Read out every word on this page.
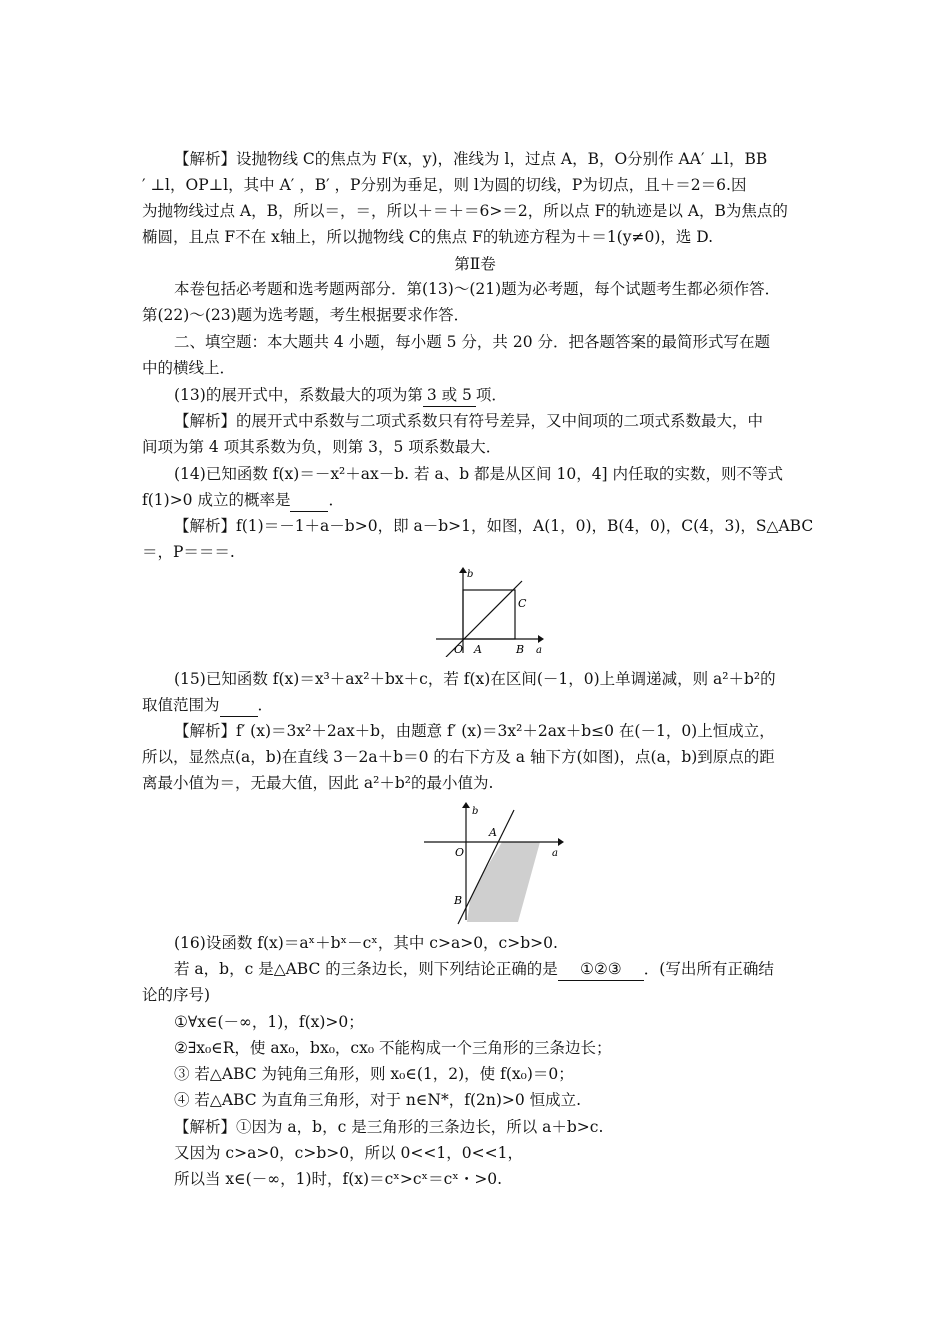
【解析】设抛物线 C的焦点为 F(x，y)，准线为 l，过点 A，B，O分别作 AA′ ⊥l，BB
′ ⊥l，OP⊥l，其中 A′ ，B′ ，P分别为垂足，则 l为圆的切线，P为切点，且＋＝2＝6.因
为抛物线过点 A，B，所以＝，＝，所以＋＝＋＝6>＝2，所以点 F的轨迹是以 A，B为焦点的
椭圆，且点 F不在 x轴上，所以抛物线 C的焦点 F的轨迹方程为＋＝1(y≠0)，选 D.
第Ⅱ卷
本卷包括必考题和选考题两部分．第(13)～(21)题为必考题，每个试题考生都必须作答．
第(22)～(23)题为选考题，考生根据要求作答．
二、填空题：本大题共 4 小题，每小题 5 分，共 20 分．把各题答案的最简形式写在题
中的横线上．
(13)的展开式中，系数最大的项为第 3 或 5 项．
【解析】的展开式中系数与二项式系数只有符号差异，又中间项的二项式系数最大，中
间项为第 4 项其系数为负，则第 3，5 项系数最大．
(14)已知函数 f(x)＝－x²＋ax－b. 若 a、b 都是从区间 10，4] 内任取的实数，则不等式
f(1)>0 成立的概率是 ．
【解析】f(1)＝－1＋a－b>0，即 a－b>1，如图，A(1，0)，B(4，0)，C(4，3)，S△ABC
＝，P＝＝＝.
b
C
O A	B a
(15)已知函数 f(x)＝x³＋ax²＋bx＋c，若 f(x)在区间(－1，0)上单调递减，则 a²＋b²的
取值范围为 ．
【解析】f′ (x)＝3x²＋2ax＋b，由题意 f′ (x)＝3x²＋2ax＋b≤0 在(－1，0)上恒成立，
所以，显然点(a，b)在直线 3－2a＋b＝0 的右下方及 a 轴下方(如图)，点(a，b)到原点的距
离最小值为＝，无最大值，因此 a²＋b²的最小值为.
b
A
O	a
B
(16)设函数 f(x)＝aˣ＋bˣ－cˣ，其中 c>a>0，c>b>0.
若 a，b，c 是△ABC 的三条边长，则下列结论正确的是 ①②③ ．(写出所有正确结
论的序号)
①∀x∈(－∞，1)，f(x)>0；
②∃x₀∈R，使 ax₀，bx₀，cx₀ 不能构成一个三角形的三条边长；
③ 若△ABC 为钝角三角形，则 x₀∈(1，2)，使 f(x₀)＝0；
④ 若△ABC 为直角三角形，对于 n∈N*，f(2n)>0 恒成立.
【解析】①因为 a，b，c 是三角形的三条边长，所以 a＋b>c.
又因为 c>a>0，c>b>0，所以 0<<1，0<<1，
所以当 x∈(－∞，1)时，f(x)＝cˣ>cˣ＝cˣ・>0.
